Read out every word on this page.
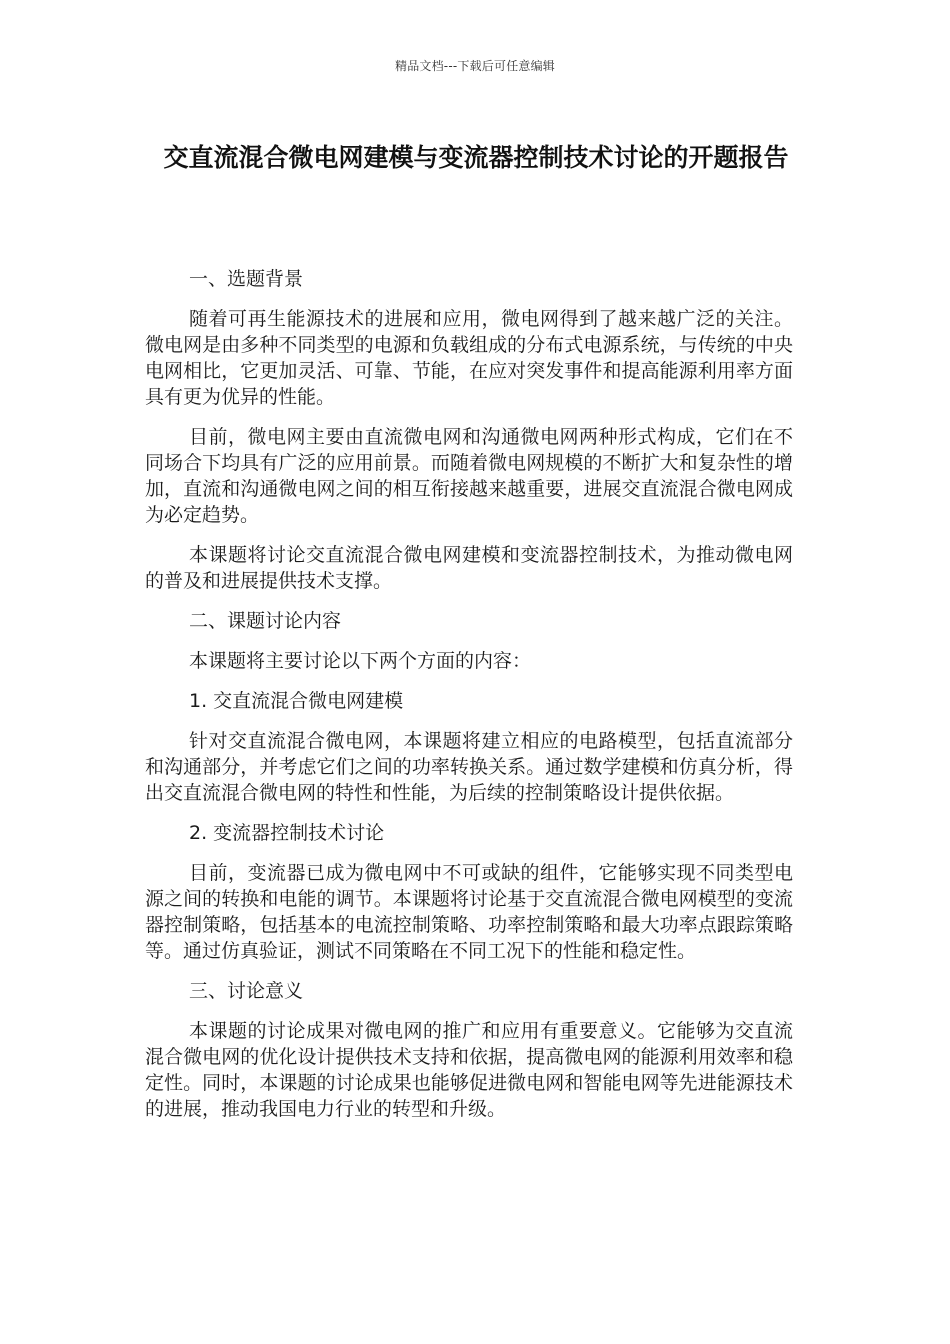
精品文档---下载后可任意编辑
交直流混合微电网建模与变流器控制技术讨论的开题报告

一、选题背景

随着可再生能源技术的进展和应用，微电网得到了越来越广泛的关注。微电网是由多种不同类型的电源和负载组成的分布式电源系统，与传统的中央电网相比，它更加灵活、可靠、节能，在应对突发事件和提高能源利用率方面具有更为优异的性能。

目前，微电网主要由直流微电网和沟通微电网两种形式构成，它们在不同场合下均具有广泛的应用前景。而随着微电网规模的不断扩大和复杂性的增加，直流和沟通微电网之间的相互衔接越来越重要，进展交直流混合微电网成为必定趋势。

本课题将讨论交直流混合微电网建模和变流器控制技术，为推动微电网的普及和进展提供技术支撑。

二、课题讨论内容

本课题将主要讨论以下两个方面的内容：

1. 交直流混合微电网建模

针对交直流混合微电网，本课题将建立相应的电路模型，包括直流部分和沟通部分，并考虑它们之间的功率转换关系。通过数学建模和仿真分析，得出交直流混合微电网的特性和性能，为后续的控制策略设计提供依据。

2. 变流器控制技术讨论

目前，变流器已成为微电网中不可或缺的组件，它能够实现不同类型电源之间的转换和电能的调节。本课题将讨论基于交直流混合微电网模型的变流器控制策略，包括基本的电流控制策略、功率控制策略和最大功率点跟踪策略等。通过仿真验证，测试不同策略在不同工况下的性能和稳定性。

三、讨论意义

本课题的讨论成果对微电网的推广和应用有重要意义。它能够为交直流混合微电网的优化设计提供技术支持和依据，提高微电网的能源利用效率和稳定性。同时，本课题的讨论成果也能够促进微电网和智能电网等先进能源技术的进展，推动我国电力行业的转型和升级。
